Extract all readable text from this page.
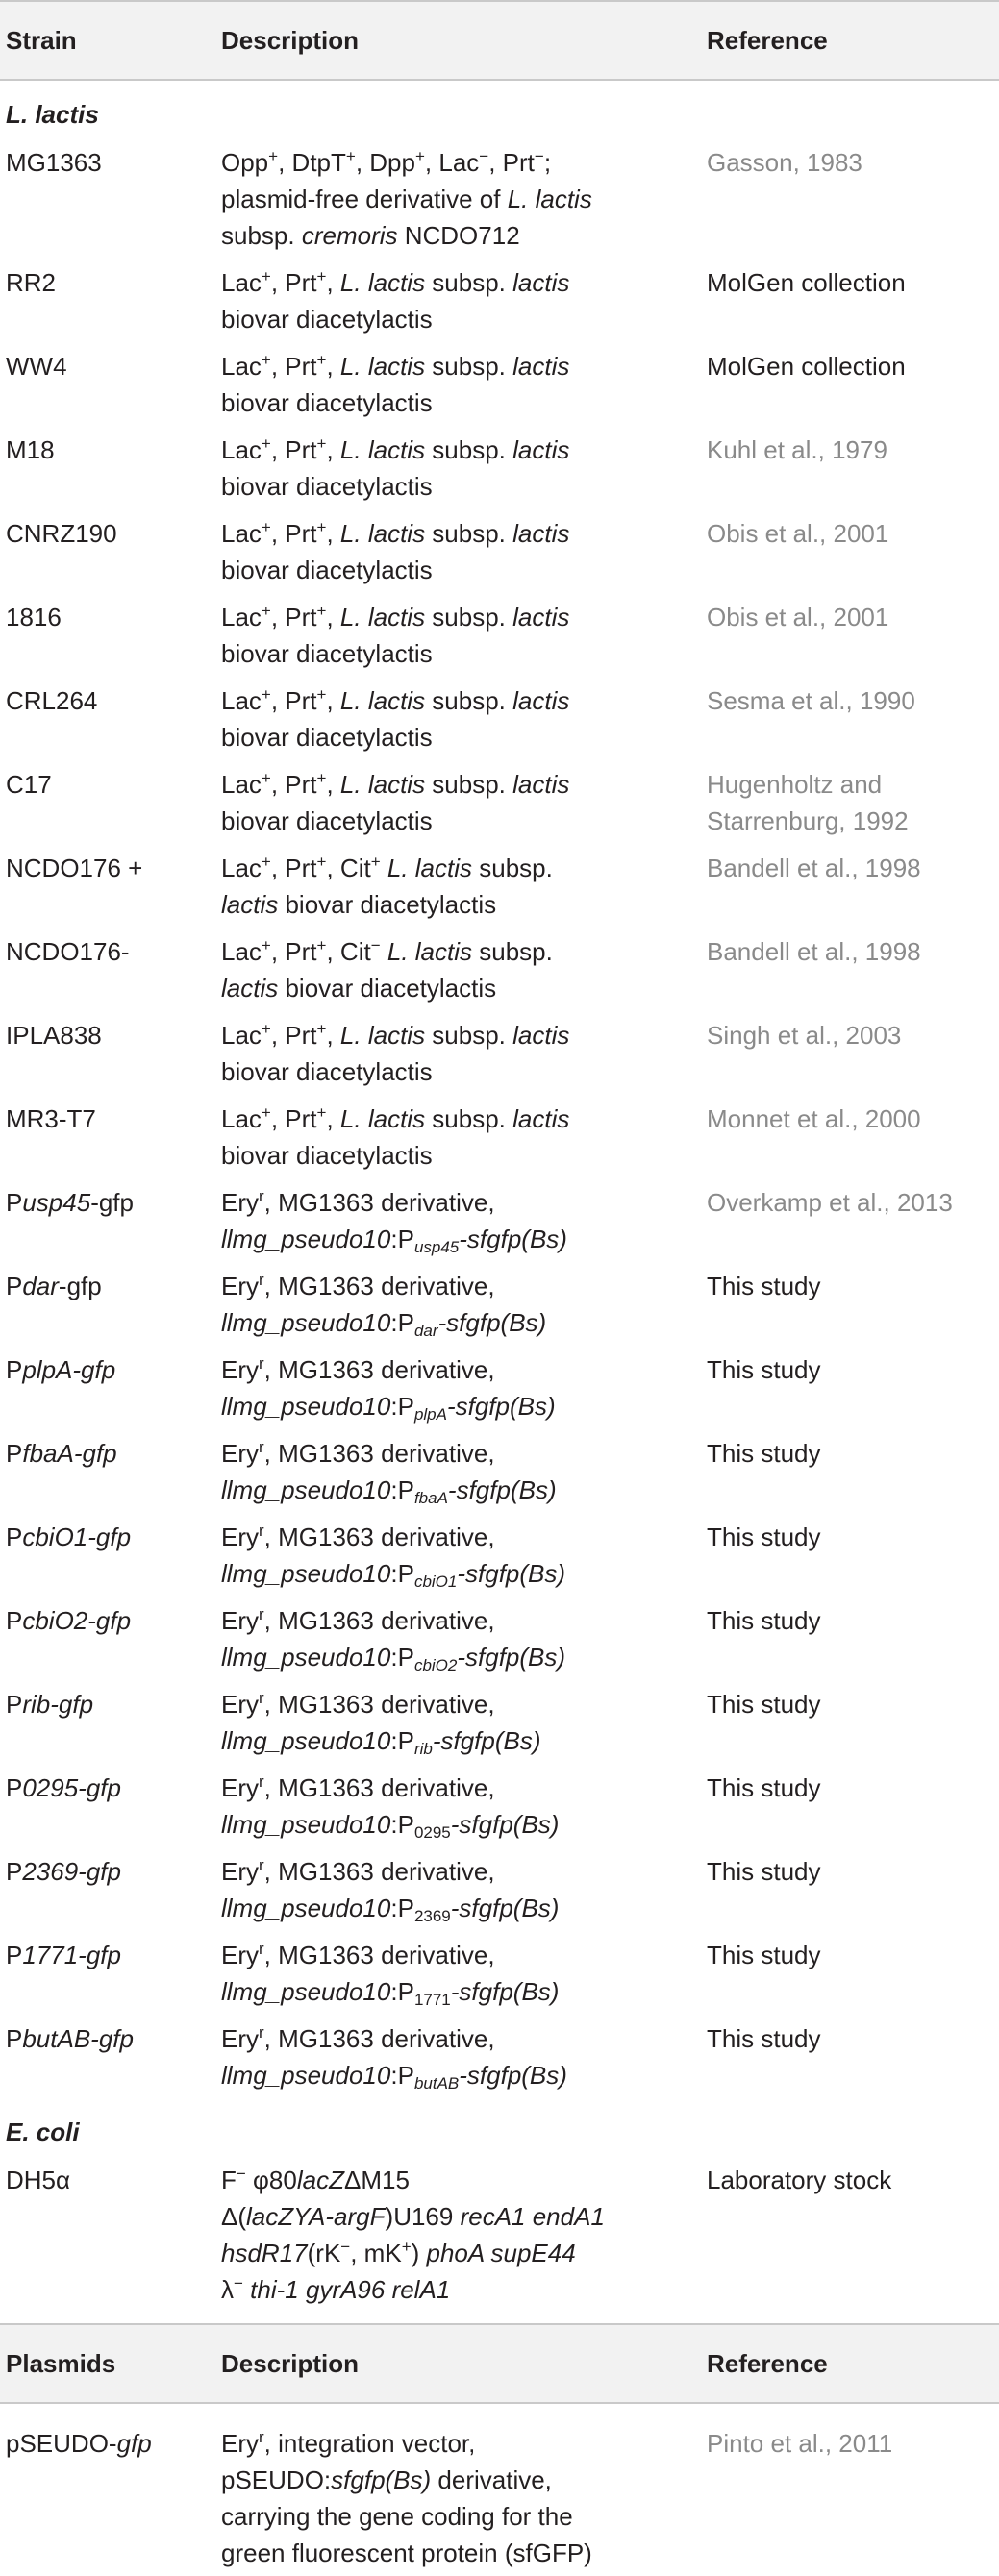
Strain	Description	Reference
L. lactis		
MG1363	Opp+, DtpT+, Dpp+, Lac−, Prt−;
plasmid-free derivative of L. lactis
subsp. cremoris NCDO712	Gasson, 1983
RR2	Lac+, Prt+, L. lactis subsp. lactis
biovar diacetylactis	MolGen collection
WW4	Lac+, Prt+, L. lactis subsp. lactis
biovar diacetylactis	MolGen collection
M18	Lac+, Prt+, L. lactis subsp. lactis
biovar diacetylactis	Kuhl et al., 1979
CNRZ190	Lac+, Prt+, L. lactis subsp. lactis
biovar diacetylactis	Obis et al., 2001
1816	Lac+, Prt+, L. lactis subsp. lactis
biovar diacetylactis	Obis et al., 2001
CRL264	Lac+, Prt+, L. lactis subsp. lactis
biovar diacetylactis	Sesma et al., 1990
C17	Lac+, Prt+, L. lactis subsp. lactis
biovar diacetylactis	Hugenholtz and
Starrenburg, 1992

NCDO176 +	Lac+, Prt+, Cit+ L. lactis subsp.
lactis biovar diacetylactis	Bandell et al., 1998
NCDO176-	Lac+, Prt+, Cit− L. lactis subsp.
lactis biovar diacetylactis	Bandell et al., 1998
IPLA838	Lac+, Prt+, L. lactis subsp. lactis
biovar diacetylactis	Singh et al., 2003
MR3-T7	Lac+, Prt+, L. lactis subsp. lactis
biovar diacetylactis	Monnet et al., 2000
Pusp45-gfp	Ery$^r$, MG1363 derivative,
$llmg\_pseudo10:P_{usp45}-sfgfp(Bs)$	Overkamp et al., 2013
Pdar-gfp	Ery$^r$, MG1363 derivative,
$llmg\_pseudo10:P_{dar}-sfgfp(Bs)$	This study
PplpA-gfp	Ery$^r$, MG1363 derivative,
$llmg\_pseudo10:P_{plpA}-sfgfp(Bs)$	This study
PfbaA-gfp	Ery$^r$, MG1363 derivative,
$llmg\_pseudo10:P_{fbaA}-sfgfp(Bs)$	This study
PcbiO1-gfp	Ery$^r$, MG1363 derivative,
$llmg\_pseudo10:P_{cbiO1}-sfgfp(Bs)$	This study
PcbiO2-gfp	Ery$^r$, MG1363 derivative,
$llmg\_pseudo10:P_{cbiO2}-sfgfp(Bs)$	This study
Prib-gfp	Ery$^r$, MG1363 derivative,
$llmg\_pseudo10:P_{rib}-sfgfp(Bs)$	This study
P0295-gfp	Ery$^r$, MG1363 derivative,
$llmg\_pseudo10:P_{0295}-sfgfp(Bs)$	This study
P2369-gfp	Ery$^r$, MG1363 derivative,
$llmg\_pseudo10:P_{2369}-sfgfp(Bs)$	This study
P1771-gfp	Ery$^r$, MG1363 derivative,
$llmg\_pseudo10:P_{1771}-sfgfp(Bs)$	This study
PbutAB-gfp	Ery$^r$, MG1363 derivative,
$llmg\_pseudo10:P_{butAB}-sfgfp(Bs)$	This study
E. coli		
DH5α	F− φ80lacZΔM15
Δ(lacZYA-argF)U169 recA1 endA1
hsdR17(rK−, mK+) phoA supE44
λ− thi-1 gyrA96 relA1	Laboratory stock
Plasmids	Description	Reference
pSEUDO-gfp	Ery$^r$, integration vector,
pSEUDO:sfgfp(Bs) derivative,
carrying the gene coding for the
green fluorescent protein (sfGFP)	Pinto et al., 2011
